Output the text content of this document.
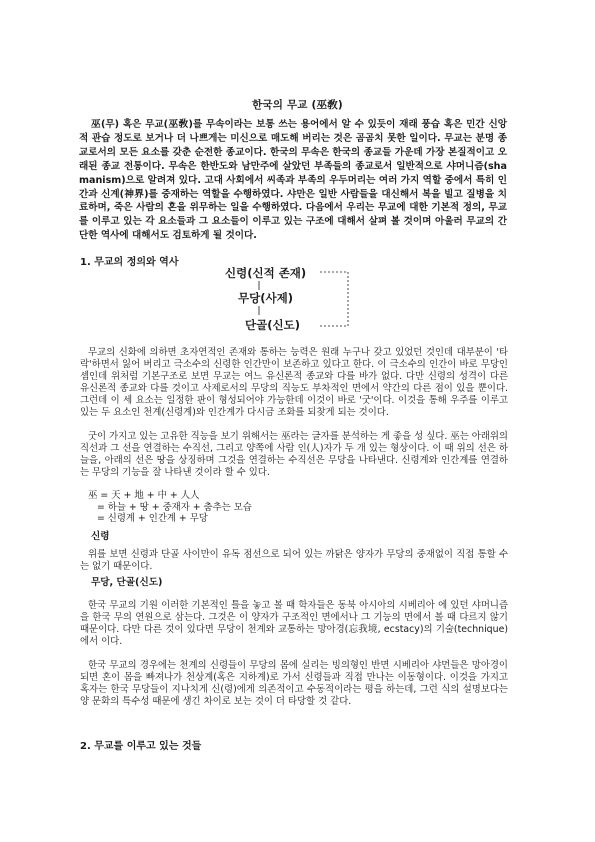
한국의 무교 (巫敎)

巫(무) 혹은 무교(巫敎)를 무속이라는 보통 쓰는 용어에서 알 수 있듯이 재래 풍습 혹은 민간 신앙적 관습 정도로 보거나 더 나쁘게는 미신으로 매도해 버리는 것은 곰곰치 못한 일이다. 무교는 분명 종교로서의 모든 요소를 갖춘 순전한 종교이다. 한국의 무속은 한국의 종교들 가운데 가장 본질적이고 오래된 종교 전통이다. 무속은 한반도와 남만주에 살았던 부족들의 종교로서 일반적으로 샤머니즘(shamanism)으로 알려져 있다. 고대 사회에서 씨족과 부족의 우두머리는 여러 가지 역할 중에서 특히 인간과 신계(神界)를 중재하는 역할을 수행하였다. 샤만은 일반 사람들을 대신해서 복을 빌고 질병을 치료하며, 죽은 사람의 혼을 위무하는 일을 수행하였다. 다음에서 우리는 무교에 대한 기본적 정의, 무교를 이루고 있는 각 요소들과 그 요소들이 이루고 있는 구조에 대해서 살펴 볼 것이며 아울러 무교의 간단한 역사에 대해서도 검토하게 될 것이다.

1. 무교의 정의와 역사
신령(신적 존재)
무당(사제)
단골(신도)

무교의 신화에 의하면 초자연적인 존재와 통하는 능력은 원래 누구나 갖고 있었던 것인데 대부분이 '타락'하면서 잃어 버리고 극소수의 신령한 인간만이 보존하고 있다고 한다. 이 극소수의 인간이 바로 무당인 셈인데 위처럼 기본구조로 보면 무교는 여느 유신론적 종교와 다를 바가 없다. 다만 신령의 성격이 다른 유신론적 종교와 다를 것이고 사제로서의 무당의 직능도 부차적인 면에서 약간의 다른 점이 있을 뿐이다. 그런데 이 세 요소는 일정한 판이 형성되어야 가능한데 이것이 바로 '굿'이다. 이것을 통해 우주를 이루고 있는 두 요소인 천계(신령계)와 인간계가 다시금 조화를 되찾게 되는 것이다.

굿이 가지고 있는 고유한 직능을 보기 위해서는 巫라는 글자를 분석하는 게 좋을 성 싶다. 巫는 아래위의 직선과 그 선을 연결하는 수직선, 그리고 양쪽에 사람 인(人)자가 두 개 있는 형상이다. 이 때 위의 선은 하늘을, 아래의 선은 땅을 상징하며 그것을 연결하는 수직선은 무당을 나타낸다. 신령계와 인간계를 연결하는 무당의 기능을 잘 나타낸 것이라 할 수 있다.

巫 = 天 + 地 + 中 + 人人
= 하늘 + 땅 + 중재자 + 춤추는 모습
= 신령계 + 인간계 + 무당
신령

위를 보면 신령과 단골 사이만이 유독 점선으로 되어 있는 까닭은 양자가 무당의 중재없이 직접 통할 수는 없기 때문이다.

무당, 단골(신도)

한국 무교의 기원 이러한 기본적인 틀을 놓고 볼 때 학자들은 동북 아시아의 시베리아 에 있던 샤머니즘을 한국 무의 연원으로 삼는다. 그것은 이 양자가 구조적인 면에서나 그 기능의 면에서 볼 때 다르지 않기 때문이다. 다만 다른 것이 있다면 무당이 천계와 교통하는 망아경(忘我境, ecstacy)의 기술(technique)에서 이다.

한국 무교의 경우에는 천계의 신령들이 무당의 몸에 실리는 빙의형인 반면 시베리아 샤먼들은 망아경이 되면 혼이 몸을 빠져나가 천상계(혹은 지하계)로 가서 신령들과 직접 만나는 이동형이다. 이것을 가지고 혹자는 한국 무당들이 지나치게 신(령)에게 의존적이고 수동적이라는 평을 하는데, 그런 식의 설명보다는 양 문화의 특수성 때문에 생긴 차이로 보는 것이 더 타당할 것 같다.

2. 무교를 이루고 있는 것들
